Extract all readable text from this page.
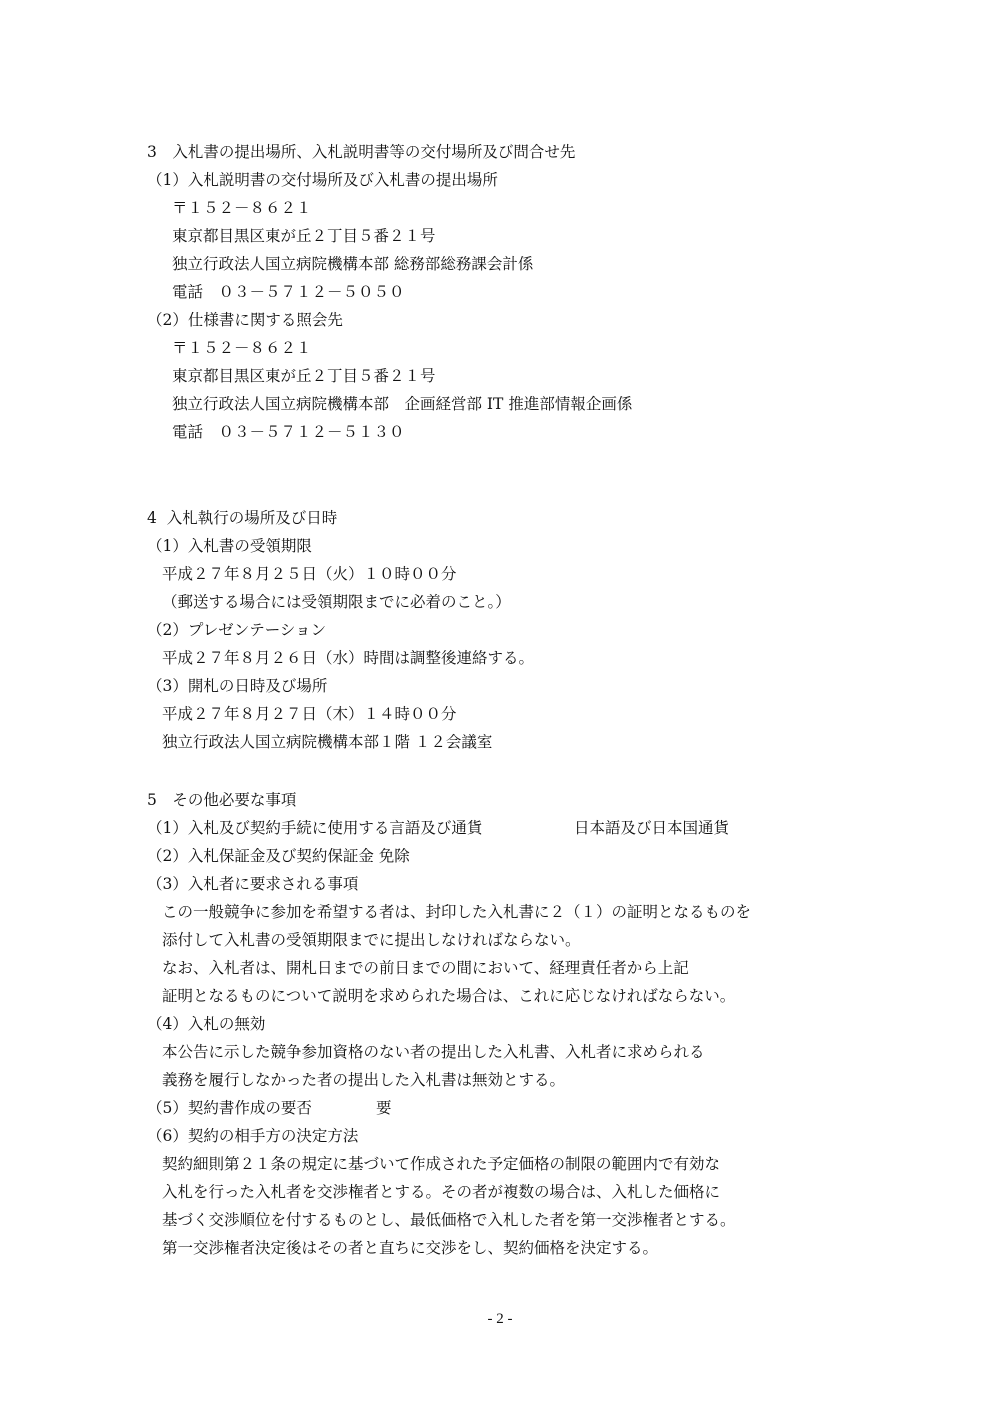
3　入札書の提出場所、入札説明書等の交付場所及び問合せ先
（1）入札説明書の交付場所及び入札書の提出場所
〒１５２－８６２１
東京都目黒区東が丘２丁目５番２１号
独立行政法人国立病院機構本部 総務部総務課会計係
電話　０３－５７１２－５０５０
（2）仕様書に関する照会先
〒１５２－８６２１
東京都目黒区東が丘２丁目５番２１号
独立行政法人国立病院機構本部　企画経営部 IT 推進部情報企画係
電話　０３－５７１２－５１３０
4  入札執行の場所及び日時
（1）入札書の受領期限
平成２７年８月２５日（火）１０時００分
（郵送する場合には受領期限までに必着のこと。）
（2）プレゼンテーション
平成２７年８月２６日（水）時間は調整後連絡する。
（3）開札の日時及び場所
平成２７年８月２７日（木）１４時００分
独立行政法人国立病院機構本部１階 １２会議室
5　その他必要な事項
（1）入札及び契約手続に使用する言語及び通貨	日本語及び日本国通貨
（2）入札保証金及び契約保証金 免除
（3）入札者に要求される事項
この一般競争に参加を希望する者は、封印した入札書に２（１）の証明となるものを
添付して入札書の受領期限までに提出しなければならない。
なお、入札者は、開札日までの前日までの間において、経理責任者から上記
証明となるものについて説明を求められた場合は、これに応じなければならない。
（4）入札の無効
本公告に示した競争参加資格のない者の提出した入札書、入札者に求められる
義務を履行しなかった者の提出した入札書は無効とする。
（5）契約書作成の要否	要
（6）契約の相手方の決定方法
契約細則第２１条の規定に基づいて作成された予定価格の制限の範囲内で有効な
入札を行った入札者を交渉権者とする。その者が複数の場合は、入札した価格に
基づく交渉順位を付するものとし、最低価格で入札した者を第一交渉権者とする。
第一交渉権者決定後はその者と直ちに交渉をし、契約価格を決定する。
- 2 -
